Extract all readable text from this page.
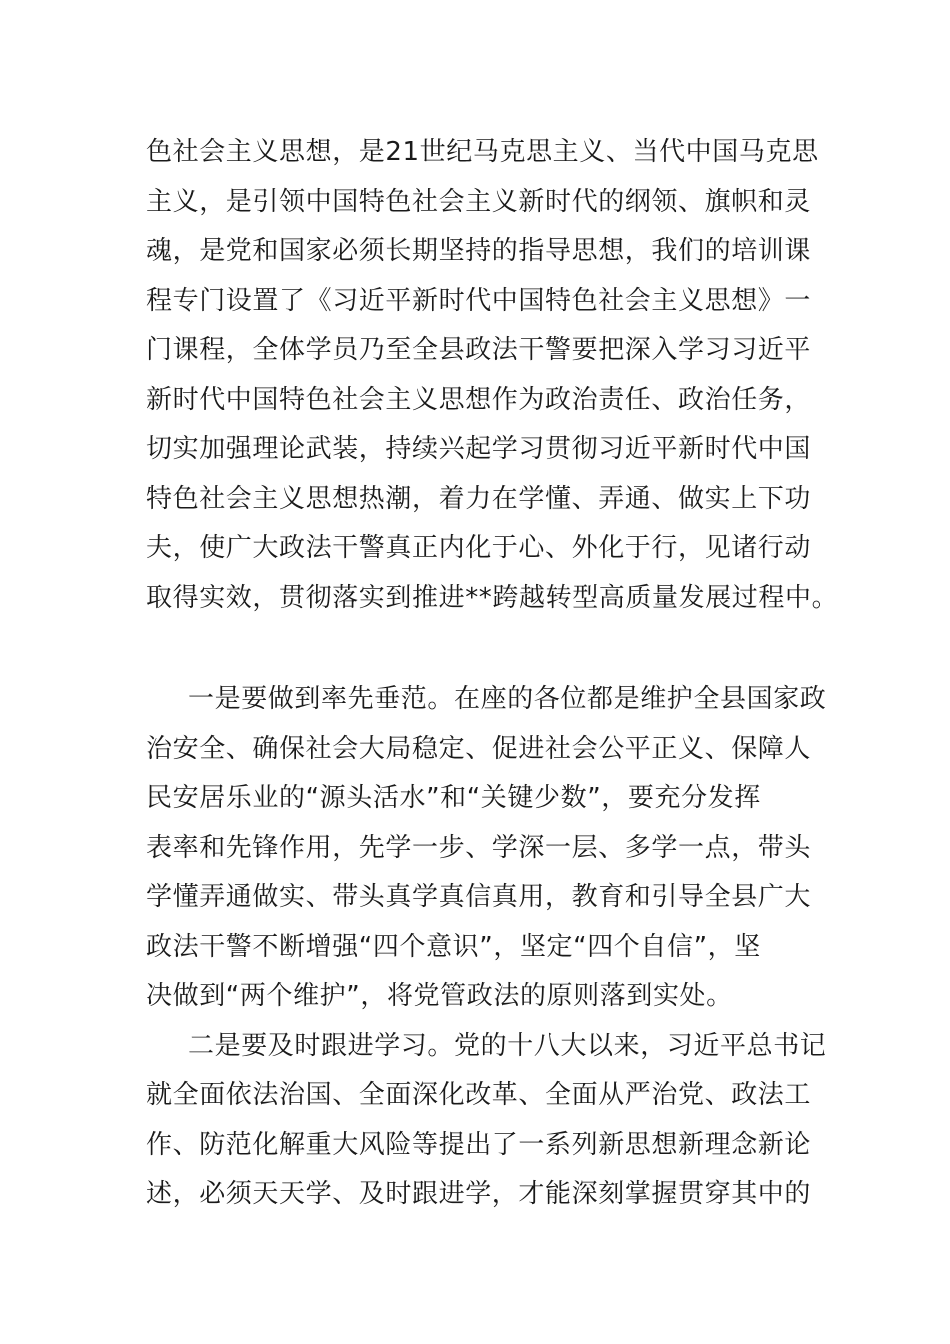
色社会主义思想，是21世纪马克思主义、当代中国马克思
主义，是引领中国特色社会主义新时代的纲领、旗帜和灵
魂，是党和国家必须长期坚持的指导思想，我们的培训课
程专门设置了《习近平新时代中国特色社会主义思想》一
门课程，全体学员乃至全县政法干警要把深入学习习近平
新时代中国特色社会主义思想作为政治责任、政治任务，
切实加强理论武装，持续兴起学习贯彻习近平新时代中国
特色社会主义思想热潮，着力在学懂、弄通、做实上下功
夫，使广大政法干警真正内化于心、外化于行，见诸行动
取得实效，贯彻落实到推进**跨越转型高质量发展过程中。
一是要做到率先垂范。在座的各位都是维护全县国家政
治安全、确保社会大局稳定、促进社会公平正义、保障人
民安居乐业的“源头活水”和“关键少数”，要充分发挥
表率和先锋作用，先学一步、学深一层、多学一点，带头
学懂弄通做实、带头真学真信真用，教育和引导全县广大
政法干警不断增强“四个意识”，坚定“四个自信”，坚
决做到“两个维护”，将党管政法的原则落到实处。
二是要及时跟进学习。党的十八大以来，习近平总书记
就全面依法治国、全面深化改革、全面从严治党、政法工
作、防范化解重大风险等提出了一系列新思想新理念新论
述，必须天天学、及时跟进学，才能深刻掌握贯穿其中的
